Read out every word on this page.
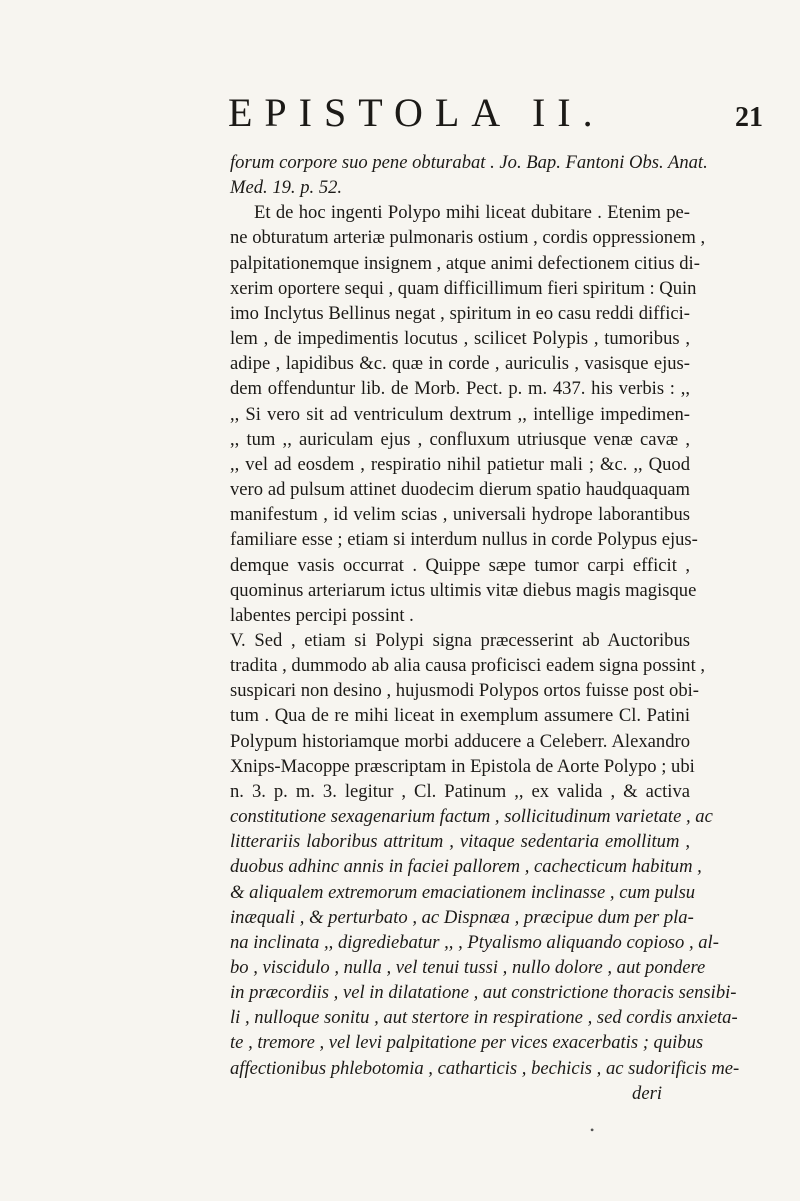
EPISTOLA II.	21
forum corpore suo pene obturabat . Jo. Bap. Fantoni Obs. Anat.
Med. 19. p. 52.
Et de hoc ingenti Polypo mihi liceat dubitare . Etenim pe-
ne obturatum arteriæ pulmonaris ostium , cordis oppressionem ,
palpitationemque insignem , atque animi defectionem citius di-
xerim oportere sequi , quam difficillimum fieri spiritum : Quin
imo Inclytus Bellinus negat , spiritum in eo casu reddi diffici-
lem , de impedimentis locutus , scilicet Polypis , tumoribus ,
adipe , lapidibus &c. quæ in corde , auriculis , vasisque ejus-
dem offenduntur lib. de Morb. Pect. p. m. 437. his verbis : ,,
,, Si vero sit ad ventriculum dextrum ,, intellige impedimen-
,, tum ,, auriculam ejus , confluxum utriusque venæ cavæ ,
,, vel ad eosdem , respiratio nihil patietur mali ; &c. ,, Quod
vero ad pulsum attinet duodecim dierum spatio haudquaquam
manifestum , id velim scias , universali hydrope laborantibus
familiare esse ; etiam si interdum nullus in corde Polypus ejus-
demque vasis occurrat . Quippe sæpe tumor carpi efficit ,
quominus arteriarum ictus ultimis vitæ diebus magis magisque
labentes percipi possint .
V. Sed , etiam si Polypi signa præcesserint ab Auctoribus
tradita , dummodo ab alia causa proficisci eadem signa possint ,
suspicari non desino , hujusmodi Polypos ortos fuisse post obi-
tum . Qua de re mihi liceat in exemplum assumere Cl. Patini
Polypum historiamque morbi adducere a Celeberr. Alexandro
Xnips-Macoppe præscriptam in Epistola de Aorte Polypo ; ubi
n. 3. p. m. 3. legitur , Cl. Patinum ,, ex valida , & activa
constitutione sexagenarium factum , sollicitudinum varietate , ac
litterariis laboribus attritum , vitaque sedentaria emollitum ,
duobus adhinc annis in faciei pallorem , cachecticum habitum ,
& aliqualem extremorum emaciationem inclinasse , cum pulsu
inæquali , & perturbato , ac Dispnæa , præcipue dum per pla-
na inclinata ,, digrediebatur ,, , Ptyalismo aliquando copioso , al-
bo , viscidulo , nulla , vel tenui tussi , nullo dolore , aut pondere
in præcordiis , vel in dilatatione , aut constrictione thoracis sensibi-
li , nulloque sonitu , aut stertore in respiratione , sed cordis anxieta-
te , tremore , vel levi palpitatione per vices exacerbatis ; quibus
affectionibus phlebotomia , catharticis , bechicis , ac sudorificis me-
deri
•
